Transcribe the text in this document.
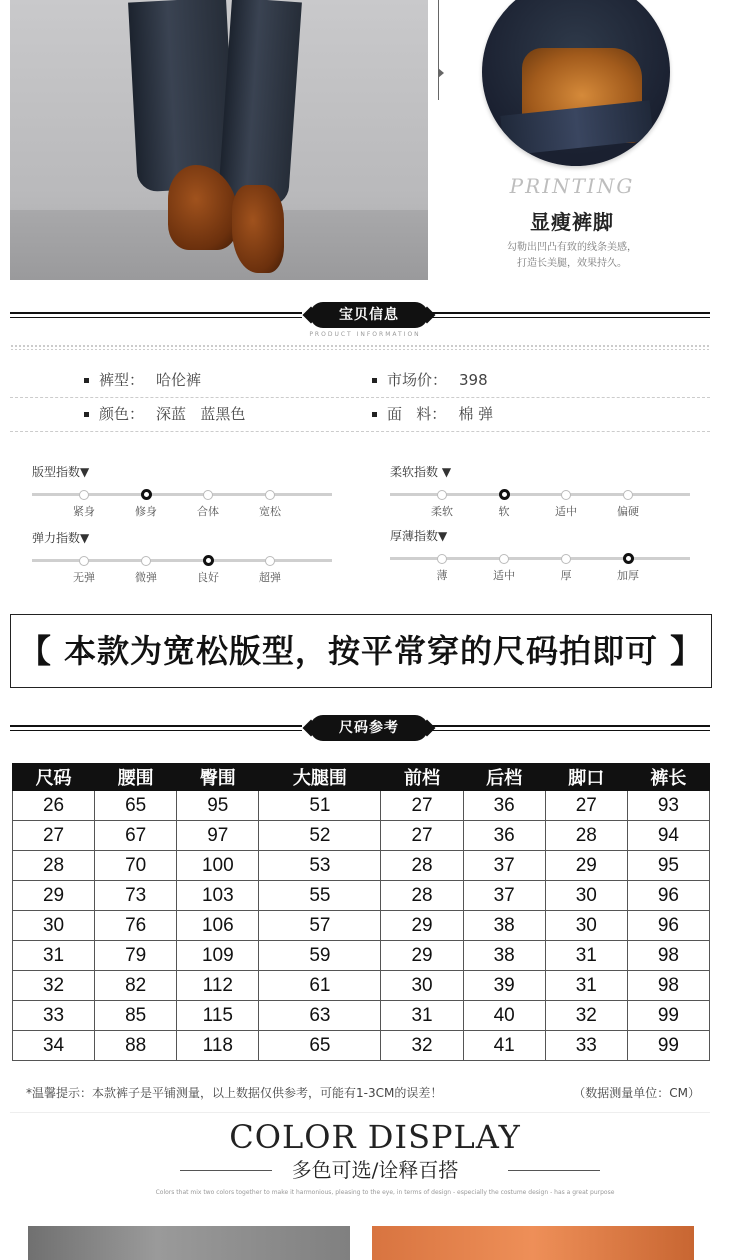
PRINTING
显瘦裤脚
勾勒出凹凸有致的线条美感，
打造长美腿，效果持久。
宝贝信息
PRODUCT INFORMATION
裤型： 哈伦裤	市场价： 398
颜色： 深蓝   蓝黑色	面   料： 棉 弹
版型指数▼
紧身	修身	合体	宽松
柔软指数 ▼
柔软	软	适中	偏硬
弹力指数▼
无弹	微弹	良好	超弹
厚薄指数▼
薄	适中	厚	加厚
【 本款为宽松版型，按平常穿的尺码拍即可 】
尺码参考
尺码	腰围	臀围	大腿围	前档	后档	脚口	裤长
26	65	95	51	27	36	27	93
27	67	97	52	27	36	28	94
28	70	100	53	28	37	29	95
29	73	103	55	28	37	30	96
30	76	106	57	29	38	30	96
31	79	109	59	29	38	31	98
32	82	112	61	30	39	31	98
33	85	115	63	31	40	32	99
34	88	118	65	32	41	33	99
*温馨提示：本款裤子是平铺测量，以上数据仅供参考，可能有1-3CM的误差！	（数据测量单位：CM）
COLOR DISPLAY
多色可选/诠释百搭
Colors that mix two colors together to make it harmonious, pleasing to the eye, in terms of design - especially the costume design - has a great purpose
